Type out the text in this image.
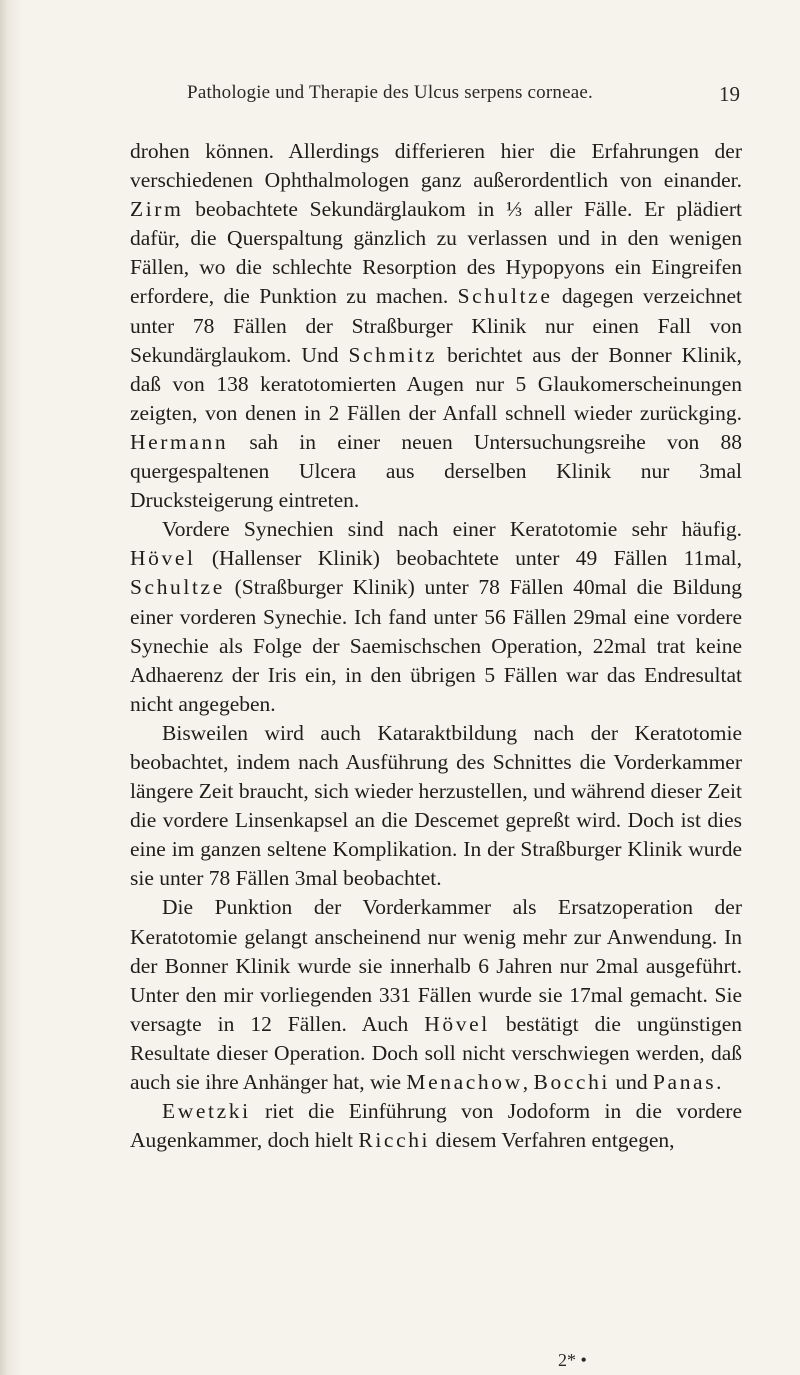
Pathologie und Therapie des Ulcus serpens corneae.	19

drohen können. Allerdings differieren hier die Erfahrungen der verschiedenen Ophthalmologen ganz außerordentlich von einander. Zirm beobachtete Sekundärglaukom in ⅓ aller Fälle. Er plädiert dafür, die Querspaltung gänzlich zu verlassen und in den wenigen Fällen, wo die schlechte Resorption des Hypopyons ein Eingreifen erfordere, die Punktion zu machen. Schultze dagegen verzeichnet unter 78 Fällen der Straßburger Klinik nur einen Fall von Sekundärglaukom. Und Schmitz berichtet aus der Bonner Klinik, daß von 138 keratotomierten Augen nur 5 Glaukomerscheinungen zeigten, von denen in 2 Fällen der Anfall schnell wieder zurückging. Hermann sah in einer neuen Untersuchungsreihe von 88 quergespaltenen Ulcera aus derselben Klinik nur 3mal Drucksteigerung eintreten.

Vordere Synechien sind nach einer Keratotomie sehr häufig. Hövel (Hallenser Klinik) beobachtete unter 49 Fällen 11mal, Schultze (Straßburger Klinik) unter 78 Fällen 40mal die Bildung einer vorderen Synechie. Ich fand unter 56 Fällen 29mal eine vordere Synechie als Folge der Saemischschen Operation, 22mal trat keine Adhaerenz der Iris ein, in den übrigen 5 Fällen war das Endresultat nicht angegeben.

Bisweilen wird auch Kataraktbildung nach der Keratotomie beobachtet, indem nach Ausführung des Schnittes die Vorderkammer längere Zeit braucht, sich wieder herzustellen, und während dieser Zeit die vordere Linsenkapsel an die Descemet gepreßt wird. Doch ist dies eine im ganzen seltene Komplikation. In der Straßburger Klinik wurde sie unter 78 Fällen 3mal beobachtet.

Die Punktion der Vorderkammer als Ersatzoperation der Keratotomie gelangt anscheinend nur wenig mehr zur Anwendung. In der Bonner Klinik wurde sie innerhalb 6 Jahren nur 2mal ausgeführt. Unter den mir vorliegenden 331 Fällen wurde sie 17mal gemacht. Sie versagte in 12 Fällen. Auch Hövel bestätigt die ungünstigen Resultate dieser Operation. Doch soll nicht verschwiegen werden, daß auch sie ihre Anhänger hat, wie Menachow, Bocchi und Panas.

Ewetzki riet die Einführung von Jodoform in die vordere Augenkammer, doch hielt Ricchi diesem Verfahren entgegen,

2* •
